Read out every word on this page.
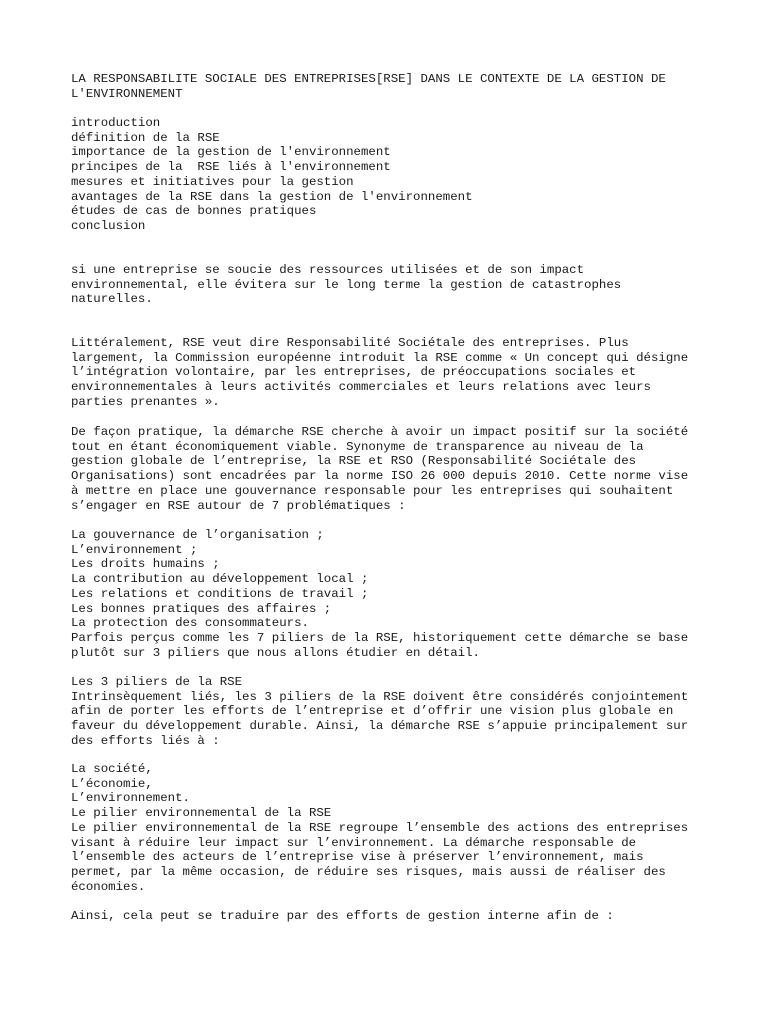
LA RESPONSABILITE SOCIALE DES ENTREPRISES[RSE] DANS LE CONTEXTE DE LA GESTION DE
L'ENVIRONNEMENT
introduction
définition de la RSE
importance de la gestion de l'environnement
principes de la  RSE liés à l'environnement
mesures et initiatives pour la gestion
avantages de la RSE dans la gestion de l'environnement
études de cas de bonnes pratiques
conclusion
si une entreprise se soucie des ressources utilisées et de son impact
environnemental, elle évitera sur le long terme la gestion de catastrophes
naturelles.
Littéralement, RSE veut dire Responsabilité Sociétale des entreprises. Plus
largement, la Commission européenne introduit la RSE comme « Un concept qui désigne
l’intégration volontaire, par les entreprises, de préoccupations sociales et
environnementales à leurs activités commerciales et leurs relations avec leurs
parties prenantes ».
De façon pratique, la démarche RSE cherche à avoir un impact positif sur la société
tout en étant économiquement viable. Synonyme de transparence au niveau de la
gestion globale de l’entreprise, la RSE et RSO (Responsabilité Sociétale des
Organisations) sont encadrées par la norme ISO 26 000 depuis 2010. Cette norme vise
à mettre en place une gouvernance responsable pour les entreprises qui souhaitent
s’engager en RSE autour de 7 problématiques :
La gouvernance de l’organisation ;
L’environnement ;
Les droits humains ;
La contribution au développement local ;
Les relations et conditions de travail ;
Les bonnes pratiques des affaires ;
La protection des consommateurs.
Parfois perçus comme les 7 piliers de la RSE, historiquement cette démarche se base
plutôt sur 3 piliers que nous allons étudier en détail.
Les 3 piliers de la RSE
Intrinsèquement liés, les 3 piliers de la RSE doivent être considérés conjointement
afin de porter les efforts de l’entreprise et d’offrir une vision plus globale en
faveur du développement durable. Ainsi, la démarche RSE s’appuie principalement sur
des efforts liés à :
La société,
L’économie,
L’environnement.
Le pilier environnemental de la RSE
Le pilier environnemental de la RSE regroupe l’ensemble des actions des entreprises
visant à réduire leur impact sur l’environnement. La démarche responsable de
l’ensemble des acteurs de l’entreprise vise à préserver l’environnement, mais
permet, par la même occasion, de réduire ses risques, mais aussi de réaliser des
économies.
Ainsi, cela peut se traduire par des efforts de gestion interne afin de :
